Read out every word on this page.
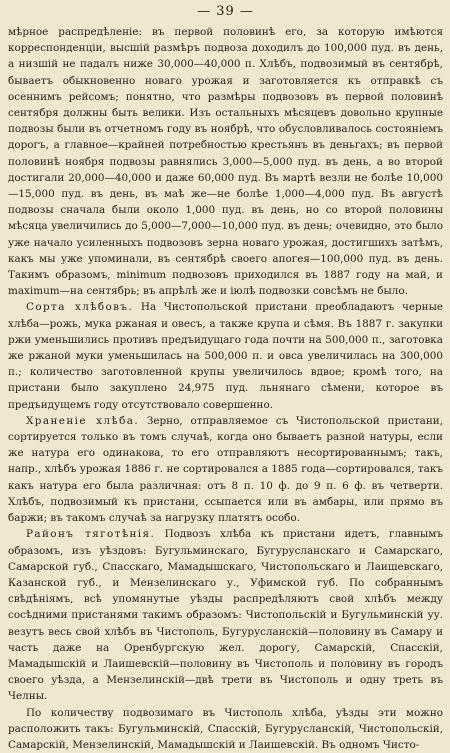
— 39 —

мѣрное распредѣленіе: въ первой половинѣ его, за которую имѣются корреспонденціи, высшій размѣръ подвоза доходилъ до 100,000 пуд. въ день, а низшій не падалъ ниже 30,000—40,000 п. Хлѣбъ, подвозимый въ сентябрѣ, бываетъ обыкновенно новаго урожая и заготовляется къ отправкѣ съ осеннимъ рейсомъ; понятно, что размѣры подвозовъ въ первой половинѣ сентября должны быть велики. Изъ остальныхъ мѣсяцевъ довольно крупные подвозы были въ отчетномъ году въ ноябрѣ, что обусловливалось состояніемъ дорогъ, а главное—крайней потребностью крестьянъ въ деньгахъ; въ первой половинѣ ноября подвозы равнялись 3,000—5,000 пуд. въ день, а во второй достигали 20,000—40,000 и даже 60,000 пуд. Въ мартѣ везли не болѣе 10,000—15,000 пуд. въ день, въ маѣ же—не болѣе 1,000—4,000 пуд. Въ августѣ подвозы сначала были около 1,000 пуд. въ день, но со второй половины мѣсяца увеличились до 5,000—7,000—10,000 пуд. въ день; очевидно, это было уже начало усиленныхъ подвозовъ зерна новаго урожая, достигшихъ затѣмъ, какъ мы уже упоминали, въ сентябрѣ своего апогея—100,000 пуд. въ день. Такимъ образомъ, minimum подвозовъ приходился въ 1887 году на май, и maximum—на сентябрь; въ апрѣлѣ же и іюлѣ подвозки совсѣмъ не было.

Сорта хлѣбовъ. На Чистопольской пристани преобладаютъ черные хлѣба—рожь, мука ржаная и овесъ, а также крупа и сѣмя. Въ 1887 г. закупки ржи уменьшились противъ предъидущаго года почти на 500,000 п., заготовка же ржаной муки уменьшилась на 500,000 п. и овса увеличилась на 300,000 п.; количество заготовленной крупы увеличилось вдвое; кромѣ того, на пристани было закуплено 24,975 пуд. льнянаго сѣмени, которое въ предъидущемъ году отсутствовало совершенно.

Храненіе хлѣба. Зерно, отправляемое съ Чистопольской пристани, сортируется только въ томъ случаѣ, когда оно бываетъ разной натуры, если же натура его одинакова, то его отправляютъ несортированнымъ; такъ, напр., хлѣбъ урожая 1886 г. не сортировался а 1885 года—сортировался, такъ какъ натура его была различная: отъ 8 п. 10 ф. до 9 п. 6 ф. въ четверти. Хлѣбъ, подвозимый къ пристани, ссыпается или въ амбары, или прямо въ баржи; въ такомъ случаѣ за нагрузку платятъ особо.

Районъ тяготѣнія. Подвозъ хлѣба къ пристани идетъ, главнымъ образомъ, изъ уѣздовъ: Бугульминскаго, Бугурусланскаго и Самарскаго, Самарской губ., Спасскаго, Мамадышскаго, Чистопольскаго и Лаишевскаго, Казанской губ., и Мензелинскаго у., Уфимской губ. По собраннымъ свѣдѣніямъ, всѣ упомянутые уѣзды распредѣляютъ свой хлѣбъ между сосѣдними пристанями такимъ образомъ: Чистопольскій и Бугульминскій уу. везутъ весь свой хлѣбъ въ Чистополь, Бугурусланскій—половину въ Самару и часть даже на Оренбургскую жел. дорогу, Самарскій, Спасскій, Мамадышскій и Лаишевскій—половину въ Чистополь и половину въ городъ своего уѣзда, а Мензелинскій—двѣ трети въ Чистополь и одну треть въ Челны.

По количеству подвозимаго въ Чистополь хлѣба, уѣзды эти можно расположить такъ: Бугульминскій, Спасскій, Бугурусланскій, Чистопольскій, Самарскій, Мензелинскій, Мамадышскій и Лаишевскій. Въ одномъ Чисто-
